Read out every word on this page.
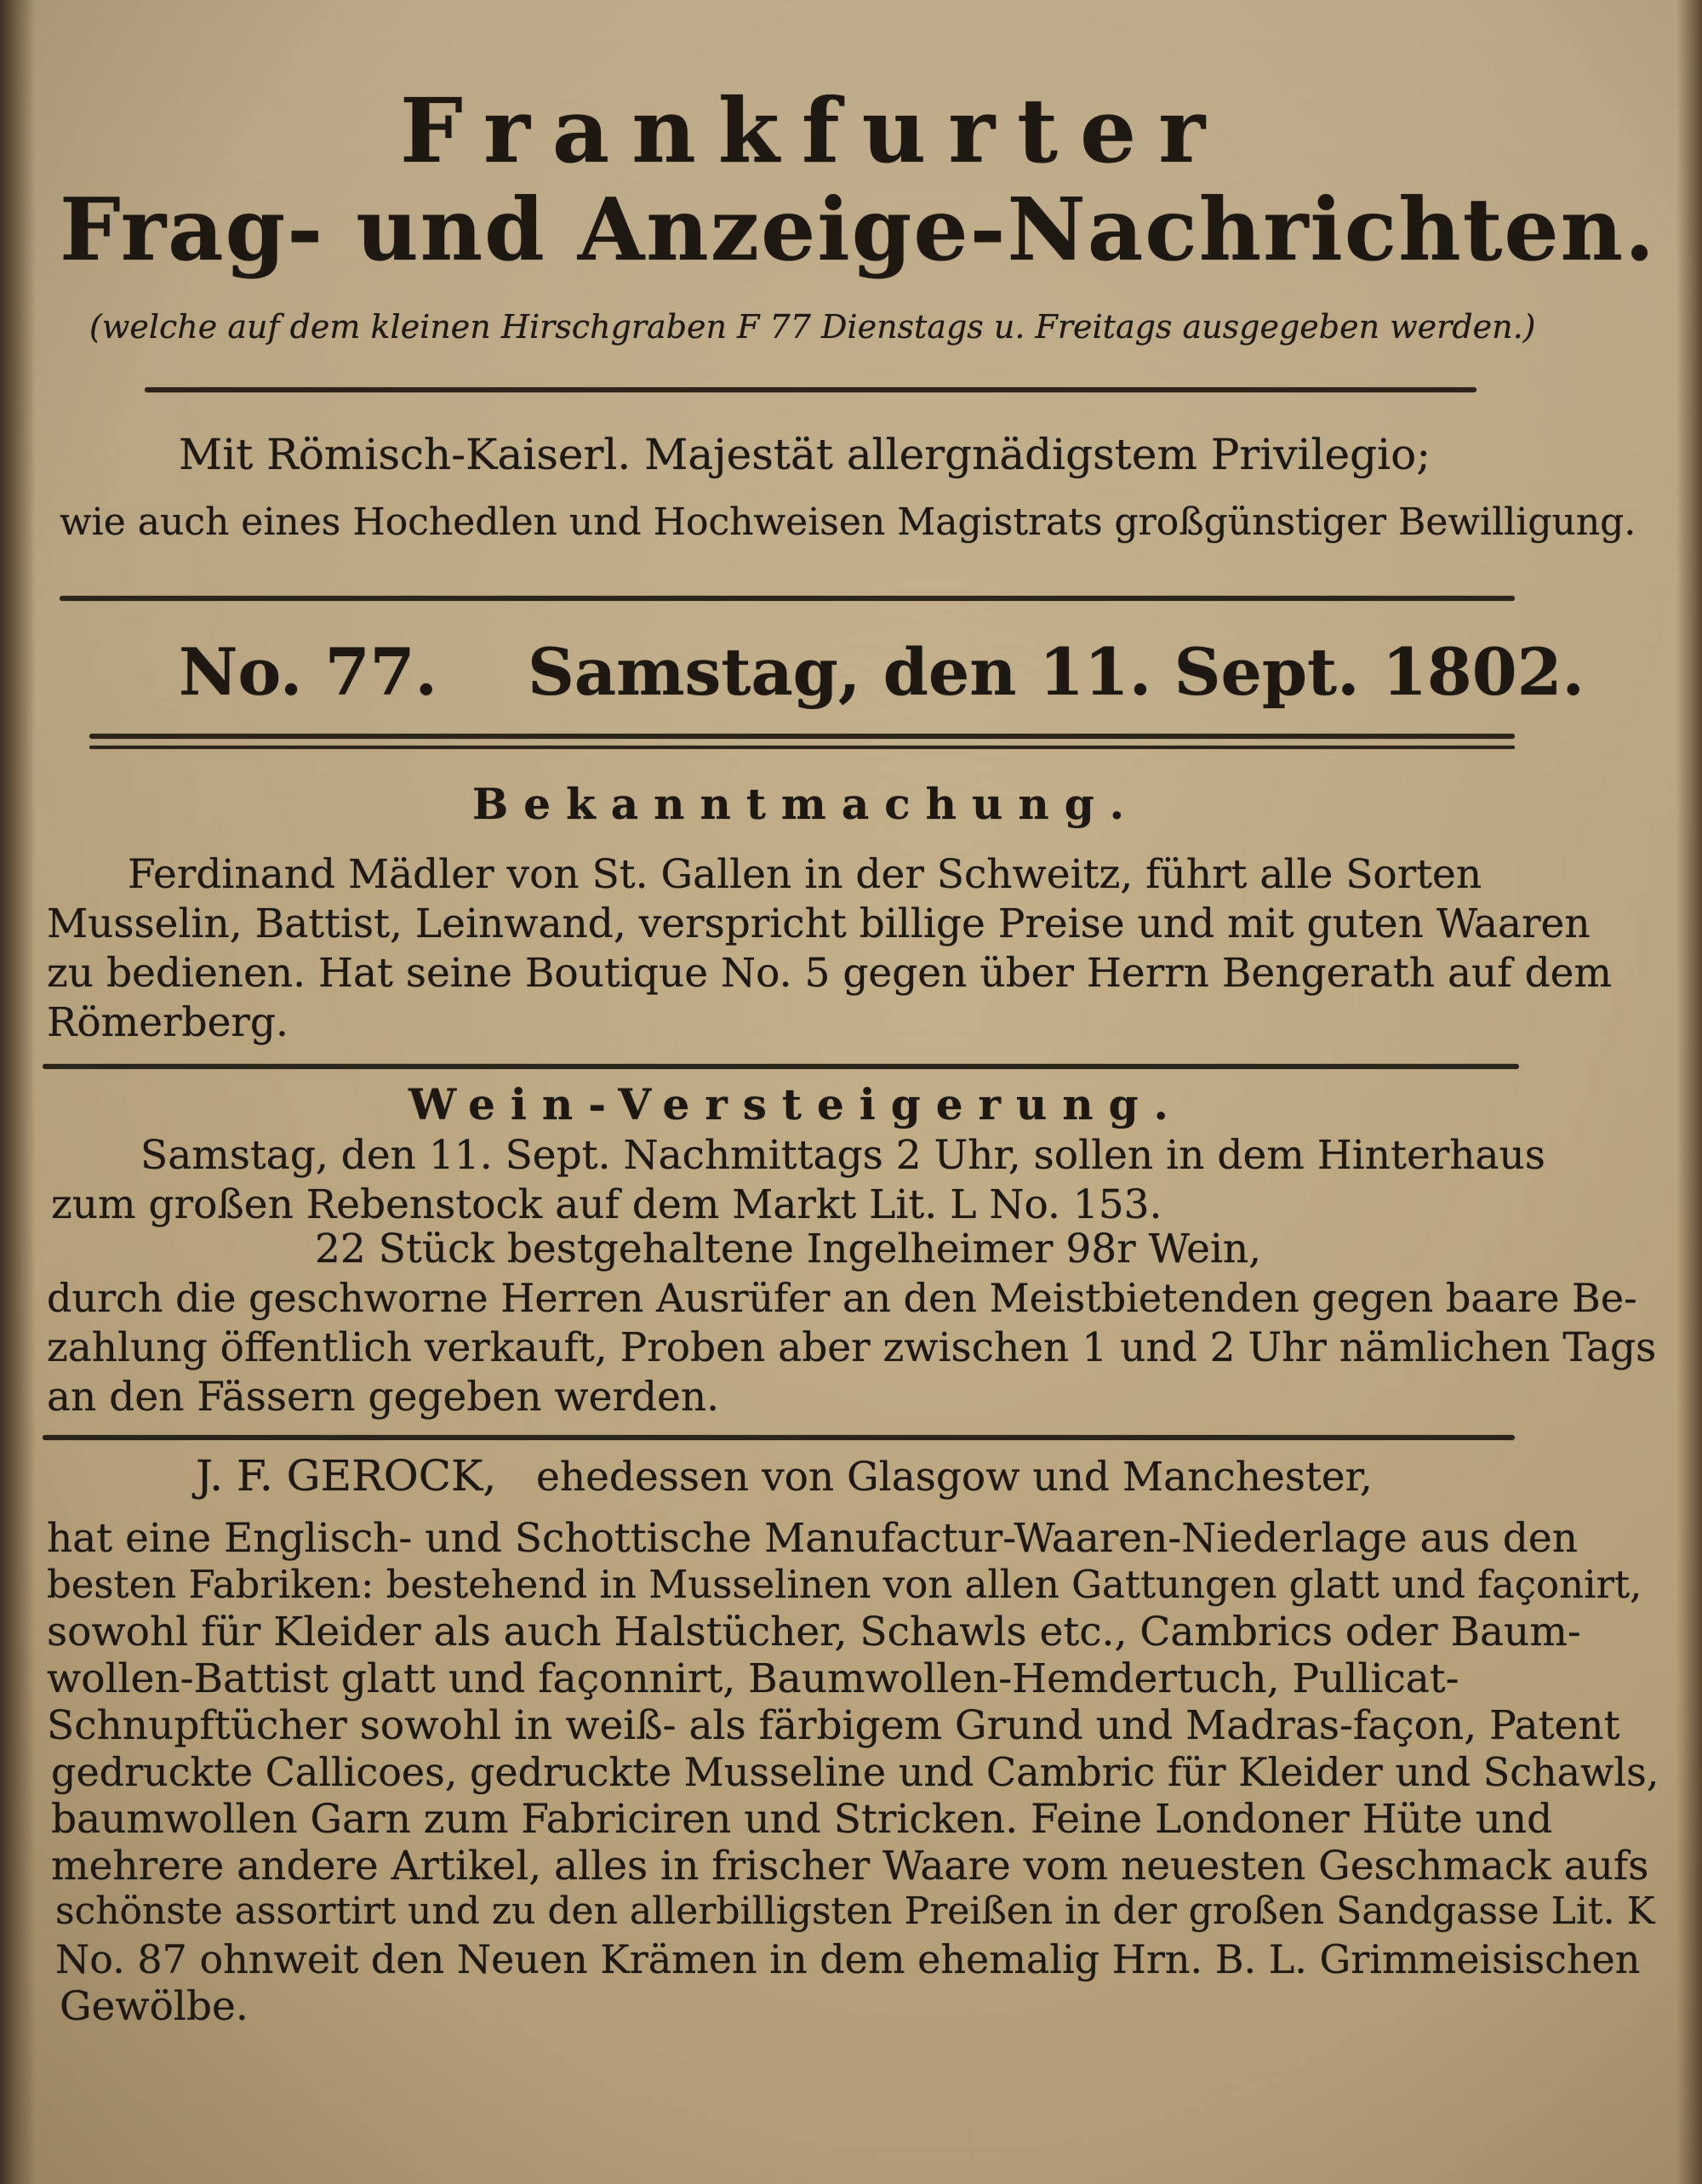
Frankfurter
Frag- und Anzeige-Nachrichten.
(welche auf dem kleinen Hirschgraben F 77 Dienstags u. Freitags ausgegeben werden.)
Mit Römisch-Kaiserl. Majestät allergnädigstem Privilegio;
wie auch eines Hochedlen und Hochweisen Magistrats großgünstiger Bewilligung.
No. 77. Samstag, den 11. Sept. 1802.
Bekanntmachung.
Ferdinand Mädler von St. Gallen in der Schweitz, führt alle Sorten
Musselin, Battist, Leinwand, verspricht billige Preise und mit guten Waaren
zu bedienen. Hat seine Boutique No. 5 gegen über Herrn Bengerath auf dem
Römerberg.
Wein-Versteigerung.
Samstag, den 11. Sept. Nachmittags 2 Uhr, sollen in dem Hinterhaus
zum großen Rebenstock auf dem Markt Lit. L No. 153.
22 Stück bestgehaltene Ingelheimer 98r Wein,
durch die geschworne Herren Ausrüfer an den Meistbietenden gegen baare Be-
zahlung öffentlich verkauft, Proben aber zwischen 1 und 2 Uhr nämlichen Tags
an den Fässern gegeben werden.
J. F. GEROCK, ehedessen von Glasgow und Manchester,
hat eine Englisch- und Schottische Manufactur-Waaren-Niederlage aus den
besten Fabriken: bestehend in Musselinen von allen Gattungen glatt und façonirt,
sowohl für Kleider als auch Halstücher, Schawls etc., Cambrics oder Baum-
wollen-Battist glatt und façonnirt, Baumwollen-Hemdertuch, Pullicat-
Schnupftücher sowohl in weiß- als färbigem Grund und Madras-façon, Patent
gedruckte Callicoes, gedruckte Musseline und Cambric für Kleider und Schawls,
baumwollen Garn zum Fabriciren und Stricken. Feine Londoner Hüte und
mehrere andere Artikel, alles in frischer Waare vom neuesten Geschmack aufs
schönste assortirt und zu den allerbilligsten Preißen in der großen Sandgasse Lit. K
No. 87 ohnweit den Neuen Krämen in dem ehemalig Hrn. B. L. Grimmeisischen
Gewölbe.
